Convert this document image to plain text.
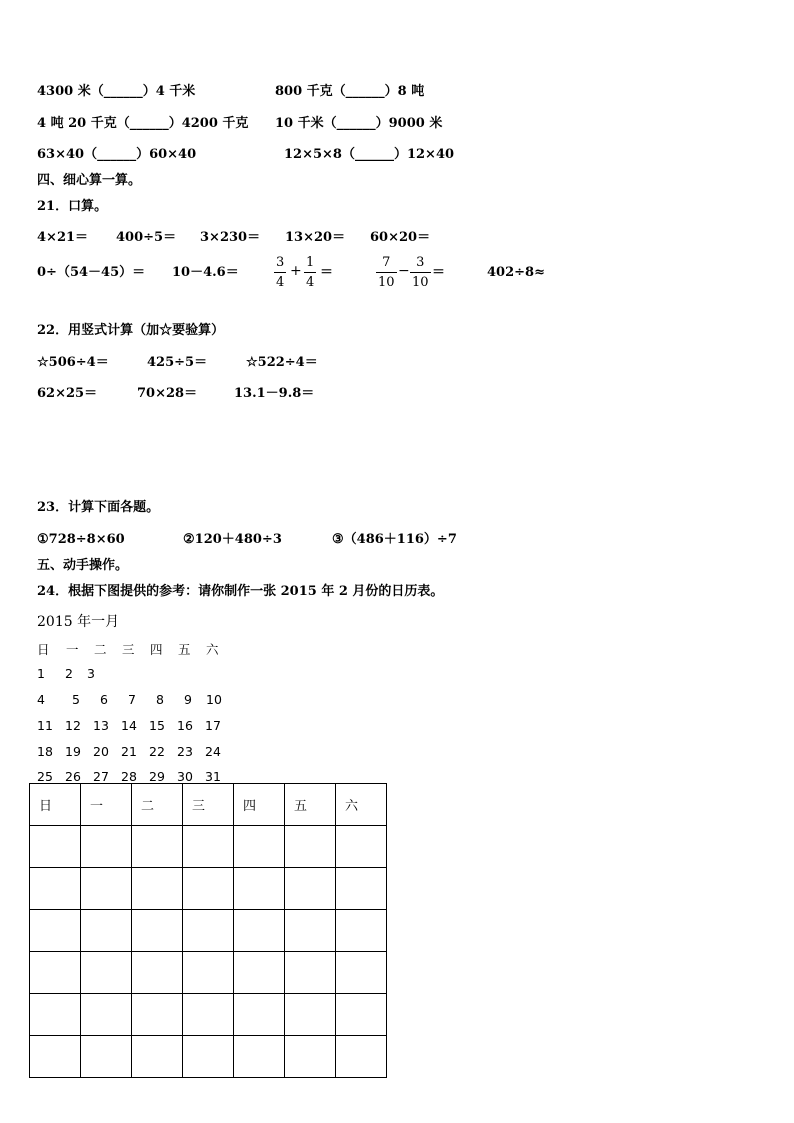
4300 米（______）4 千米	800 千克（______）8 吨
4 吨 20 千克（______）4200 千克 10 千米（______）9000 米
63×40（______）60×40	12×5×8（______）12×40
四、细心算一算。
21．口算。
4×21＝ 400÷5＝ 3×230＝ 13×20＝ 60×20＝
0÷（54－45）＝ 10－4.6＝
3
4
+
1
4
＝
7
10
−
3
10
＝	402÷8≈
22．用竖式计算（加☆要验算）
☆506÷4＝	425÷5＝	☆522÷4＝
62×25＝	70×28＝	13.1－9.8＝
23．计算下面各题。
①728÷8×60	②120＋480÷3	③（486＋116）÷7
五、动手操作。
24．根据下图提供的参考：请你制作一张 2015 年 2 月份的日历表。
2015 年一月
日 一 二 三 四 五 六
1 2 3
4 5 6 7 8 9 10
11 12 13 14 15 16 17
18 19 20 21 22 23 24
25 26 27 28 29 30 31
日	一	二	三	四	五	六
